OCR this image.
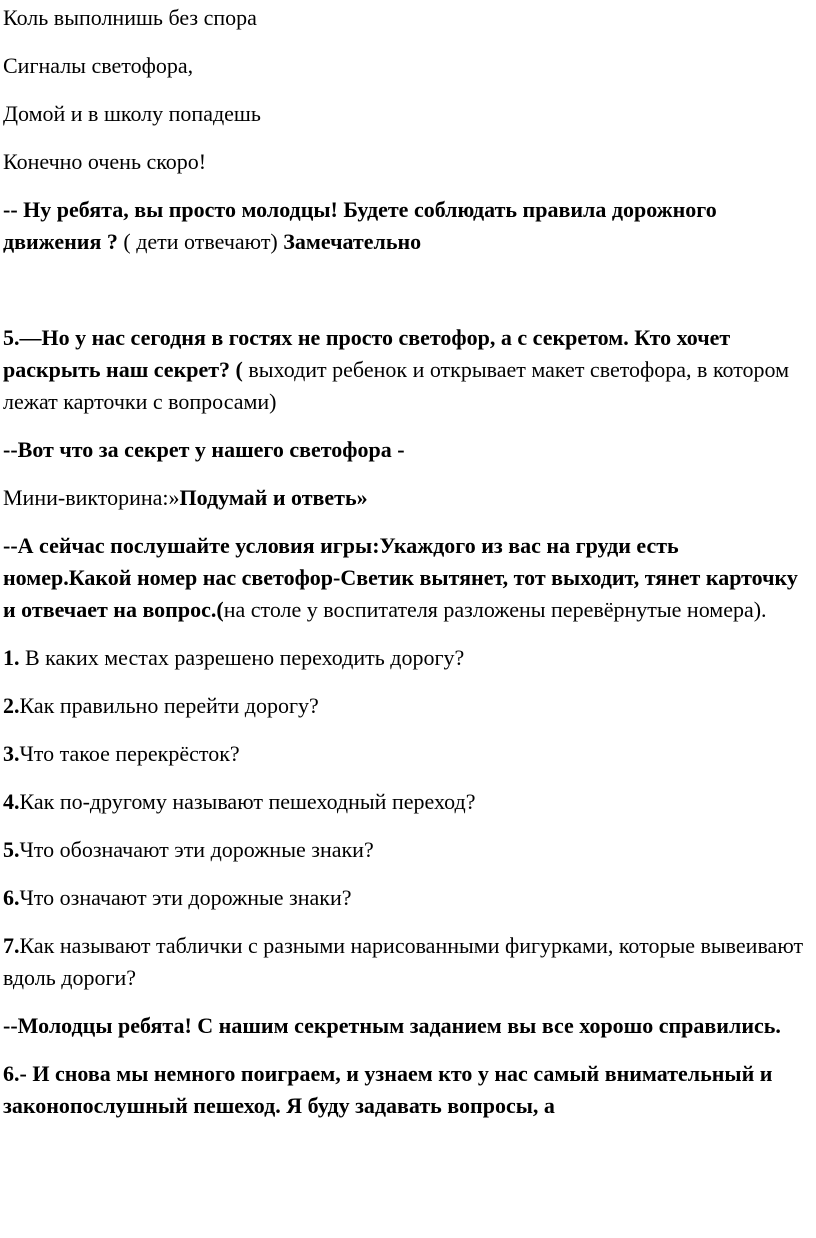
Коль выполнишь без спора

Сигналы светофора,

Домой и в школу попадешь

Конечно очень скоро!

-- Ну ребята, вы просто молодцы! Будете соблюдать правила дорожного движения ? ( дети отвечают) Замечательно

5.—Но у нас сегодня в гостях не просто светофор, а с секретом. Кто хочет раскрыть наш секрет? ( выходит ребенок и открывает макет светофора, в котором лежат карточки с вопросами)

--Вот что за секрет у нашего светофора -

Мини-викторина:»Подумай и ответь»

--А сейчас послушайте условия игры:Укаждого из вас на груди есть номер.Какой номер нас светофор-Светик вытянет, тот выходит, тянет карточку и отвечает на вопрос.(на столе у воспитателя разложены перевёрнутые номера).

1. В каких местах разрешено переходить дорогу?

2.Как правильно перейти дорогу?

3.Что такое перекрёсток?

4.Как по-другому называют пешеходный переход?

5.Что обозначают эти дорожные знаки?

6.Что означают эти дорожные знаки?

7.Как называют таблички с разными нарисованными фигурками, которые вывеивают вдоль дороги?

--Молодцы ребята! С нашим секретным заданием вы все хорошо справились.

6.- И снова мы немного поиграем, и узнаем кто у нас самый внимательный и законопослушный пешеход. Я буду задавать вопросы, а
